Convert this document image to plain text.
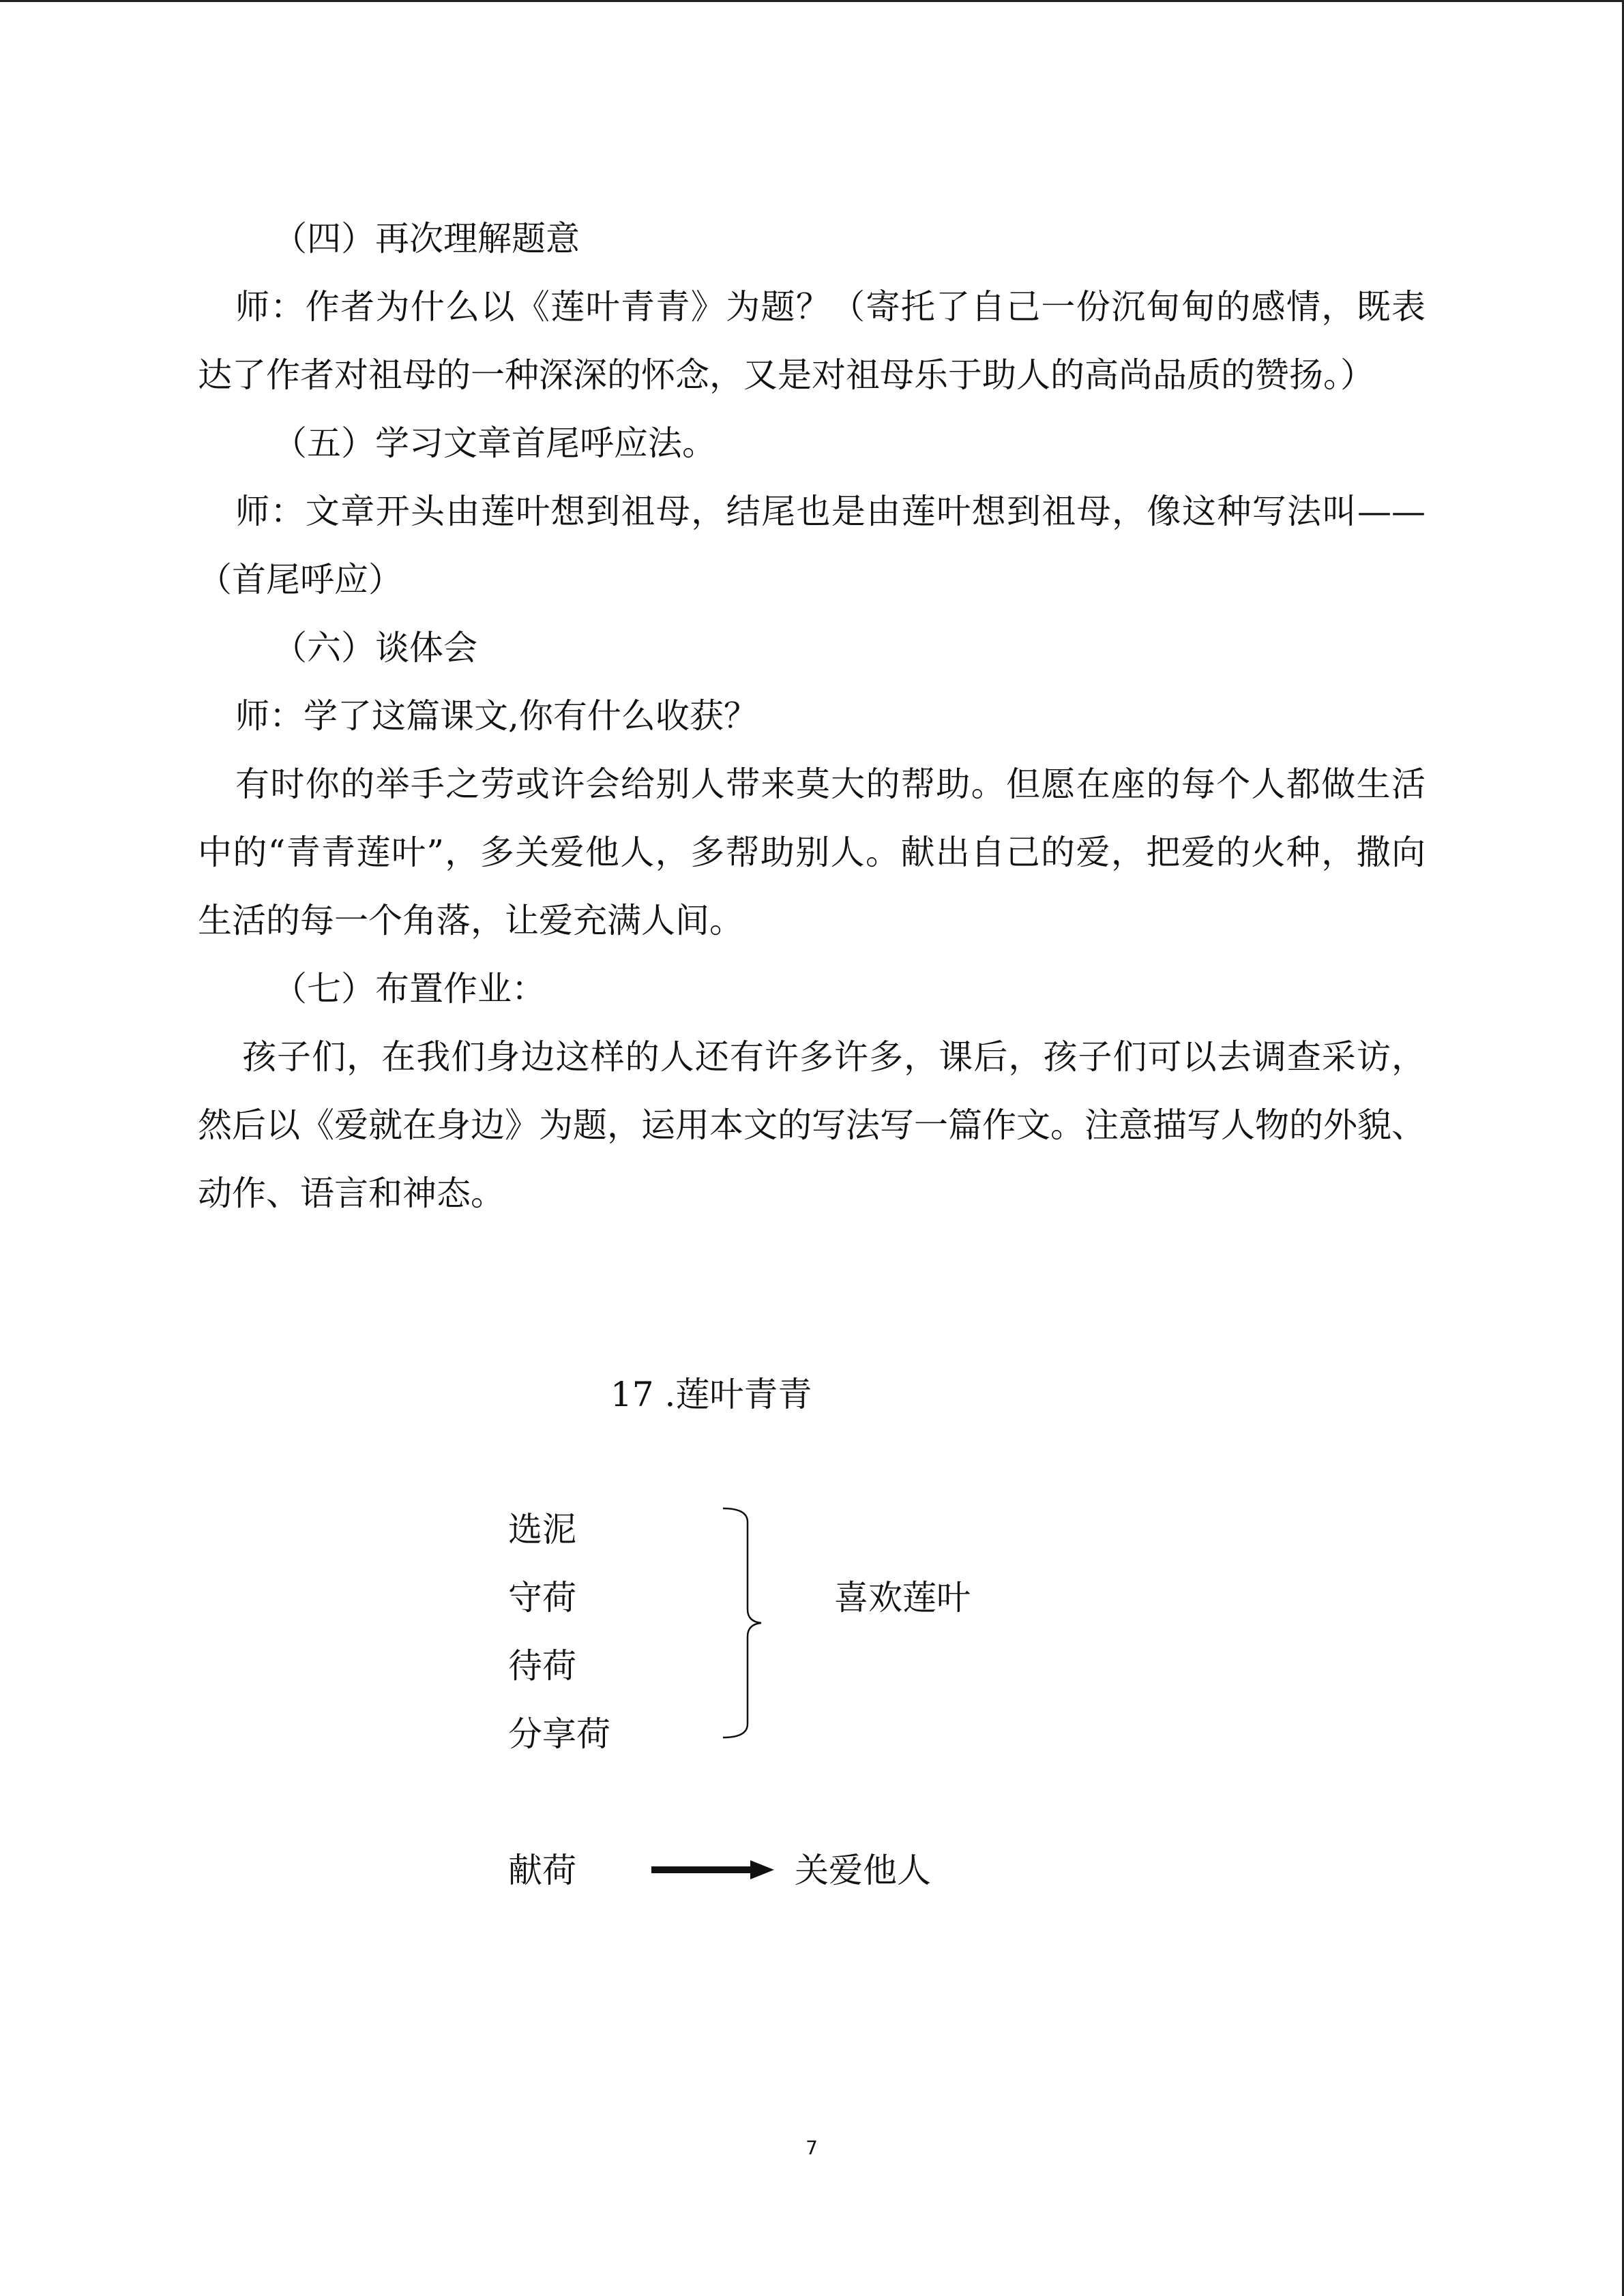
（四）再次理解题意

师：作者为什么以《莲叶青青》为题？（寄托了自己一份沉甸甸的感情，既表达了作者对祖母的一种深深的怀念，又是对祖母乐于助人的高尚品质的赞扬。）

（五）学习文章首尾呼应法。

师：文章开头由莲叶想到祖母，结尾也是由莲叶想到祖母，像这种写法叫——（首尾呼应）

（六）谈体会

师：学了这篇课文,你有什么收获？

有时你的举手之劳或许会给别人带来莫大的帮助。但愿在座的每个人都做生活中的“青青莲叶”，多关爱他人，多帮助别人。献出自己的爱，把爱的火种，撒向生活的每一个角落，让爱充满人间。

（七）布置作业：

孩子们，在我们身边这样的人还有许多许多，课后，孩子们可以去调查采访，然后以《爱就在身边》为题，运用本文的写法写一篇作文。注意描写人物的外貌、动作、语言和神态。

17 .莲叶青青
选泥
守荷
待荷
分享荷
喜欢莲叶
献荷	关爱他人
7
